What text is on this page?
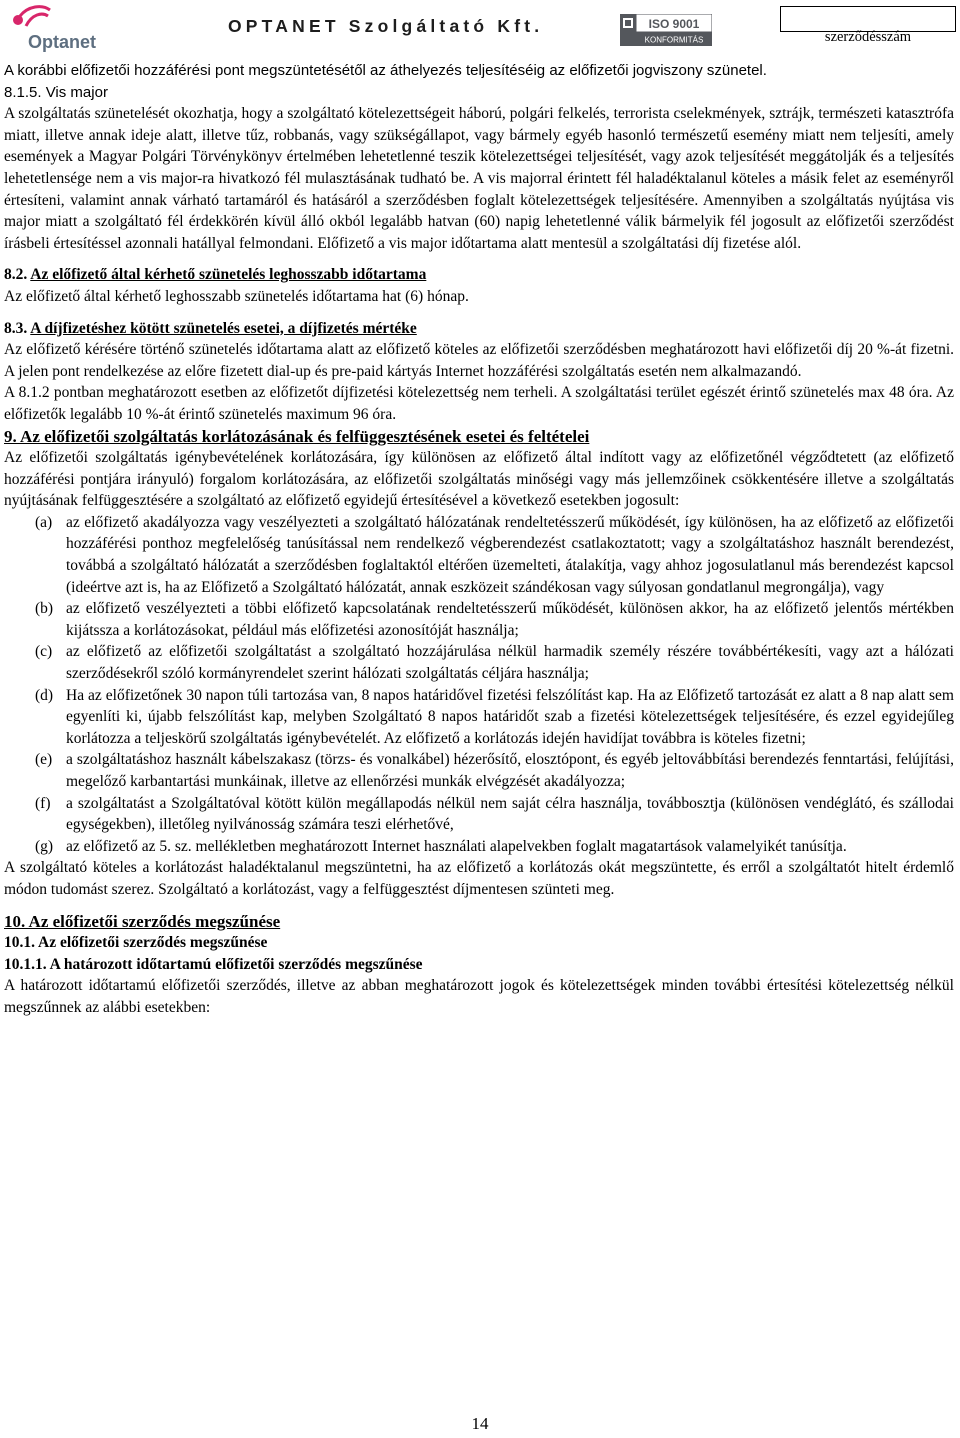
Optanet
OPTANET Szolgáltató Kft.	ISO 9001
KONFORMITÁS	szerződésszám

A korábbi előfizetői hozzáférési pont megszüntetésétől az áthelyezés teljesítéséig az előfizetői jogviszony szünetel.

8.1.5. Vis major

A szolgáltatás szünetelését okozhatja, hogy a szolgáltató kötelezettségeit háború, polgári felkelés, terrorista cselekmények, sztrájk, természeti katasztrófa miatt, illetve annak ideje alatt, illetve tűz, robbanás, vagy szükségállapot, vagy bármely egyéb hasonló természetű esemény miatt nem teljesíti, amely események a Magyar Polgári Törvénykönyv értelmében lehetetlenné teszik kötelezettségei teljesítését, vagy azok teljesítését meggátolják és a teljesítés lehetetlensége nem a vis major-ra hivatkozó fél mulasztásának tudható be. A vis majorral érintett fél haladéktalanul köteles a másik felet az eseményről értesíteni, valamint annak várható tartamáról és hatásáról a szerződésben foglalt kötelezettségek teljesítésére. Amennyiben a szolgáltatás nyújtása vis major miatt a szolgáltató fél érdekkörén kívül álló okból legalább hatvan (60) napig lehetetlenné válik bármelyik fél jogosult az előfizetői szerződést írásbeli értesítéssel azonnali hatállyal felmondani. Előfizető a vis major időtartama alatt mentesül a szolgáltatási díj fizetése alól.

8.2. Az előfizető által kérhető szünetelés leghosszabb időtartama

Az előfizető által kérhető leghosszabb szünetelés időtartama hat (6) hónap.

8.3. A díjfizetéshez kötött szünetelés esetei, a díjfizetés mértéke

Az előfizető kérésére történő szünetelés időtartama alatt az előfizető köteles az előfizetői szerződésben meghatározott havi előfizetői díj 20 %-át fizetni. A jelen pont rendelkezése az előre fizetett dial-up és pre-paid kártyás Internet hozzáférési szolgáltatás esetén nem alkalmazandó.

A 8.1.2 pontban meghatározott esetben az előfizetőt díjfizetési kötelezettség nem terheli. A szolgáltatási terület egészét érintő szünetelés max 48 óra. Az előfizetők legalább 10 %-át érintő szünetelés maximum 96 óra.

9. Az előfizetői szolgáltatás korlátozásának és felfüggesztésének esetei és feltételei

Az előfizetői szolgáltatás igénybevételének korlátozására, így különösen az előfizető által indított vagy az előfizetőnél végződtetett (az előfizető hozzáférési pontjára irányuló) forgalom korlátozására, az előfizetői szolgáltatás minőségi vagy más jellemzőinek csökkentésére illetve a szolgáltatás nyújtásának felfüggesztésére a szolgáltató az előfizető egyidejű értesítésével a következő esetekben jogosult:

(a) az előfizető akadályozza vagy veszélyezteti a szolgáltató hálózatának rendeltetésszerű működését, így különösen, ha az előfizető az előfizetői hozzáférési ponthoz megfelelőség tanúsítással nem rendelkező végberendezést csatlakoztatott; vagy a szolgáltatáshoz használt berendezést, továbbá a szolgáltató hálózatát a szerződésben foglaltaktól eltérően üzemelteti, átalakítja, vagy ahhoz jogosulatlanul más berendezést kapcsol (ideértve azt is, ha az Előfizető a Szolgáltató hálózatát, annak eszközeit szándékosan vagy súlyosan gondatlanul megrongálja), vagy
(b) az előfizető veszélyezteti a többi előfizető kapcsolatának rendeltetésszerű működését, különösen akkor, ha az előfizető jelentős mértékben kijátssza a korlátozásokat, például más előfizetési azonosítóját használja;
(c) az előfizető az előfizetői szolgáltatást a szolgáltató hozzájárulása nélkül harmadik személy részére továbbértékesíti, vagy azt a hálózati szerződésekről szóló kormányrendelet szerint hálózati szolgáltatás céljára használja;
(d) Ha az előfizetőnek 30 napon túli tartozása van, 8 napos határidővel fizetési felszólítást kap. Ha az Előfizető tartozását ez alatt a 8 nap alatt sem egyenlíti ki, újabb felszólítást kap, melyben Szolgáltató 8 napos határidőt szab a fizetési kötelezettségek teljesítésére, és ezzel egyidejűleg korlátozza a teljeskörű szolgáltatás igénybevételét. Az előfizető a korlátozás idején havidíjat továbbra is köteles fizetni;
(e) a szolgáltatáshoz használt kábelszakasz (törzs- és vonalkábel) hézerősítő, elosztópont, és egyéb jeltovábbítási berendezés fenntartási, felújítási, megelőző karbantartási munkáinak, illetve az ellenőrzési munkák elvégzését akadályozza;
(f)	a szolgáltatást a Szolgáltatóval kötött külön megállapodás nélkül nem saját célra használja, továbbosztja (különösen vendéglátó, és szállodai egységekben), illetőleg nyilvánosság számára teszi elérhetővé,
(g) az előfizető az 5. sz. mellékletben meghatározott Internet használati alapelvekben foglalt magatartások valamelyikét tanúsítja.

A szolgáltató köteles a korlátozást haladéktalanul megszüntetni, ha az előfizető a korlátozás okát megszüntette, és erről a szolgáltatót hitelt érdemlő módon tudomást szerez. Szolgáltató a korlátozást, vagy a felfüggesztést díjmentesen szünteti meg.

10. Az előfizetői szerződés megszűnése

10.1. Az előfizetői szerződés megszűnése

10.1.1. A határozott időtartamú előfizetői szerződés megszűnése

A határozott időtartamú előfizetői szerződés, illetve az abban meghatározott jogok és kötelezettségek minden további értesítési kötelezettség nélkül megszűnnek az alábbi esetekben:

14
